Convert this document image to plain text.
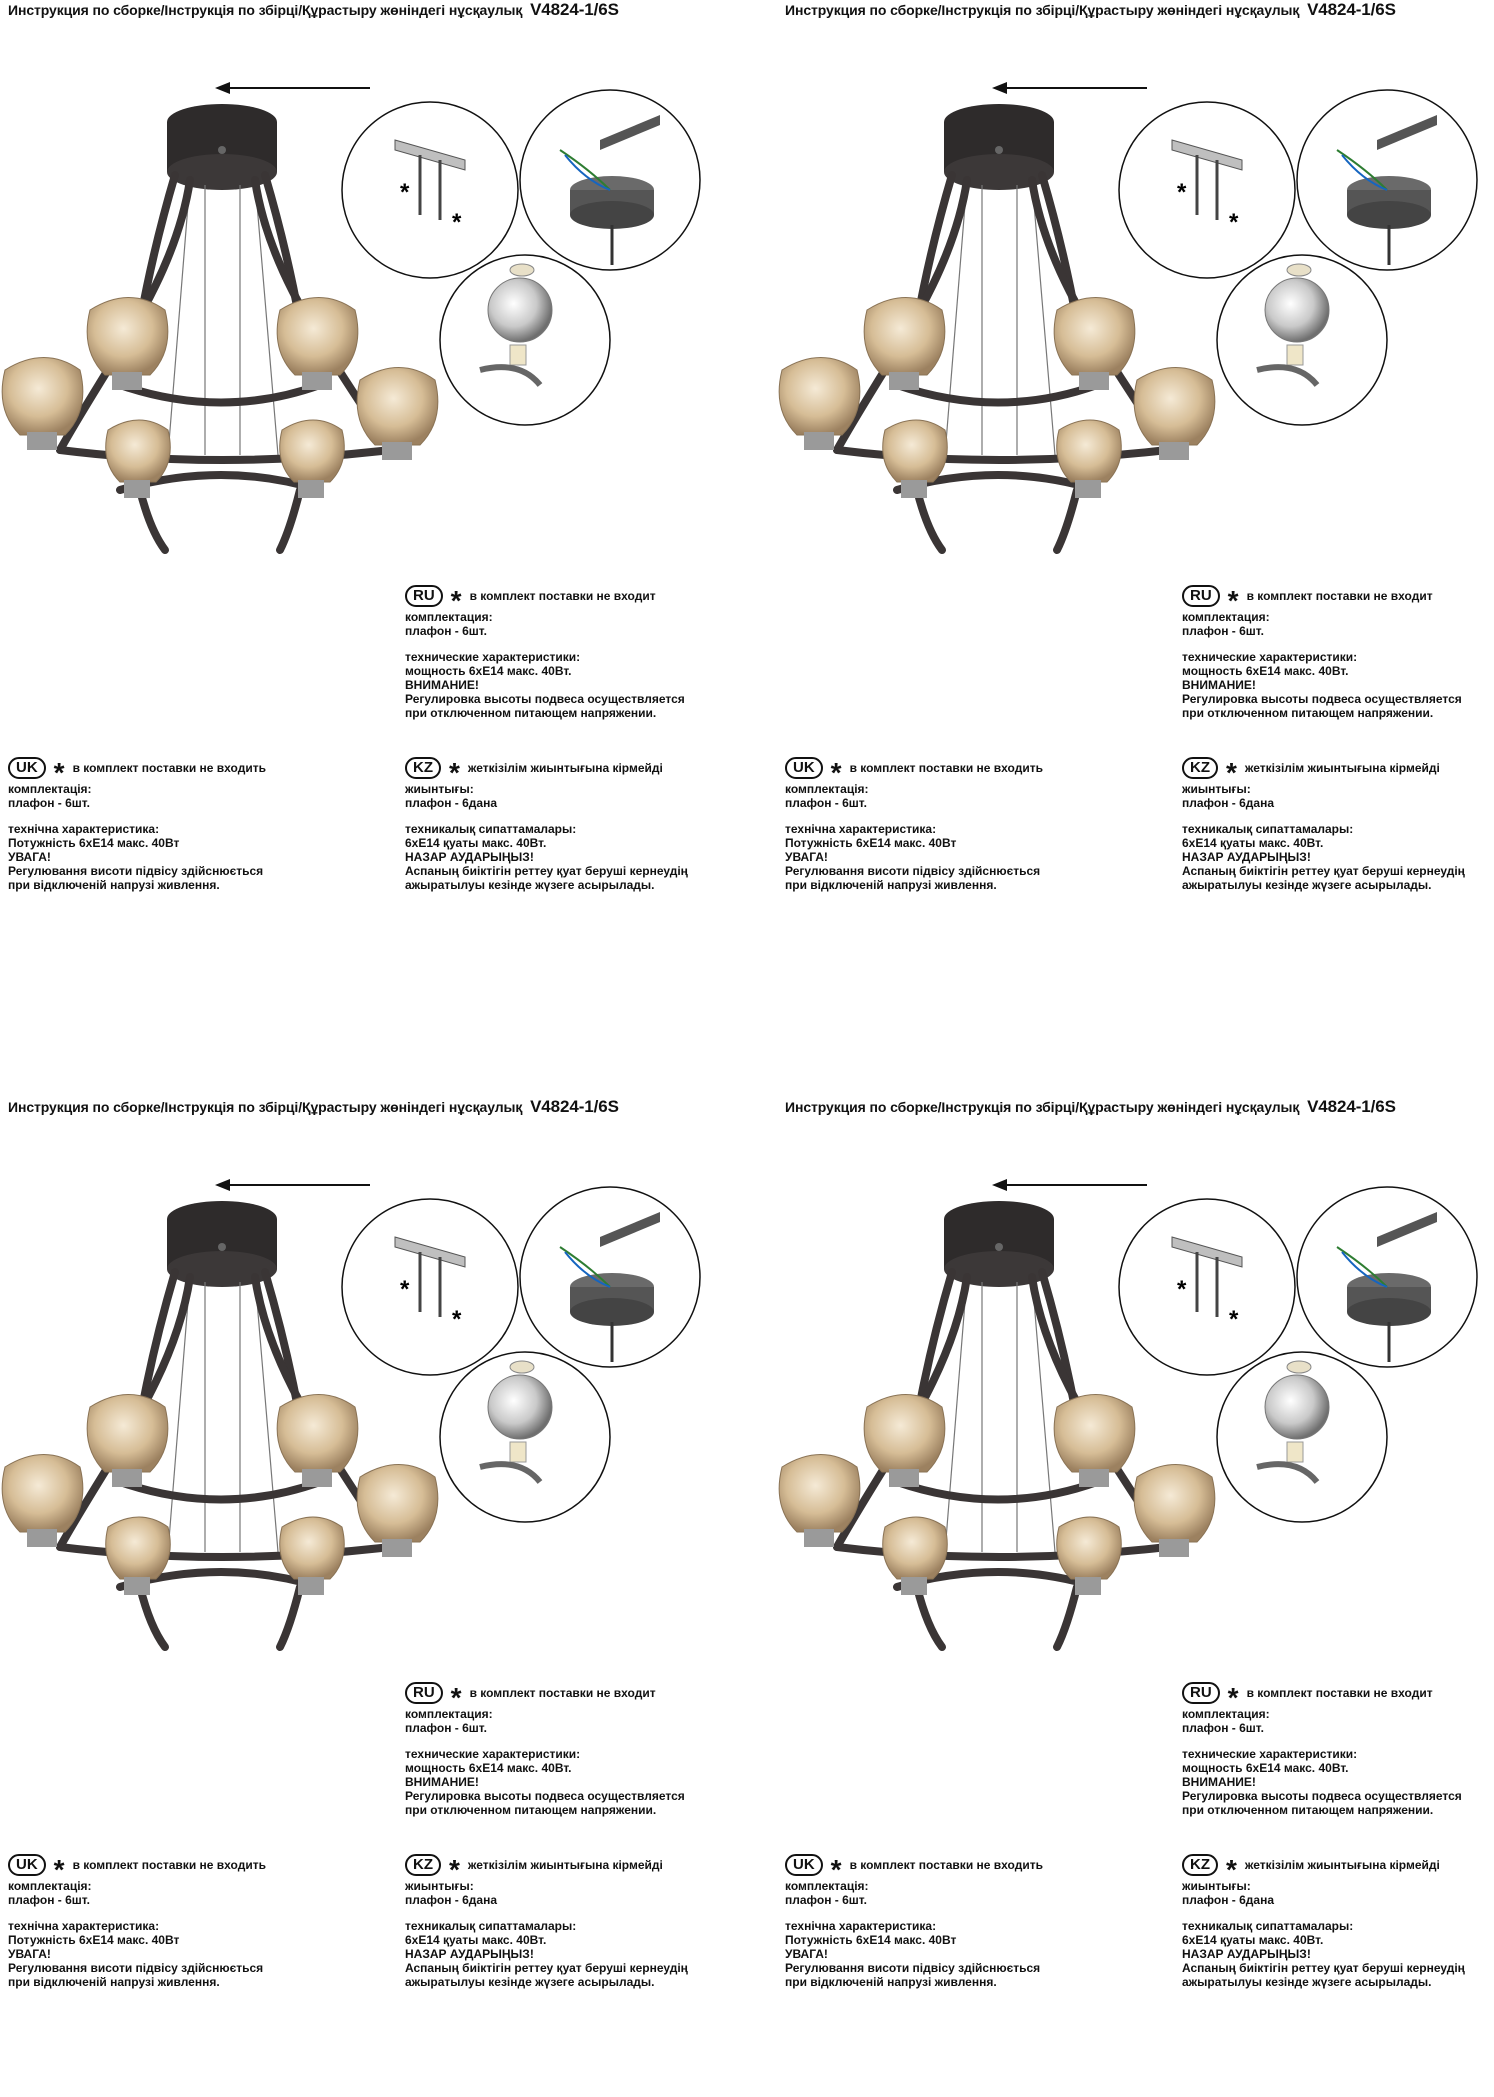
Инструкция по сборке/Інструкція по збірці/Құрастыру жөніндегі нұсқаулық V4824-1/6S
*
*
RU * в комплект поставки не входит
комплектация:
плафон - 6шт.
технические характеристики:
мощность 6хЕ14 макс. 40Вт.
ВНИМАНИЕ!
Регулировка высоты подвеса осуществляется
при отключенном питающем напряжении.
UK * в комплект поставки не входить
комплектація:
плафон - 6шт.
технічна характеристика:
Потужність 6хЕ14 макс. 40Вт
УВАГА!
Регулювання висоти підвісу здійснюється
при відключеній напрузі живлення.
KZ * жеткізілім жиынтығына кірмейді
жиынтығы:
плафон - 6дана
техникалық сипаттамалары:
6хЕ14 қуаты макс. 40Вт.
НАЗАР АУДАРЫҢЫЗ!
Аспаның биіктігін реттеу қуат беруші кернеудің
ажыратылуы кезінде жүзеге асырылады.
Инструкция по сборке/Інструкція по збірці/Құрастыру жөніндегі нұсқаулық V4824-1/6S
*
*
RU * в комплект поставки не входит
комплектация:
плафон - 6шт.
технические характеристики:
мощность 6хЕ14 макс. 40Вт.
ВНИМАНИЕ!
Регулировка высоты подвеса осуществляется
при отключенном питающем напряжении.
UK * в комплект поставки не входить
комплектація:
плафон - 6шт.
технічна характеристика:
Потужність 6хЕ14 макс. 40Вт
УВАГА!
Регулювання висоти підвісу здійснюється
при відключеній напрузі живлення.
KZ * жеткізілім жиынтығына кірмейді
жиынтығы:
плафон - 6дана
техникалық сипаттамалары:
6хЕ14 қуаты макс. 40Вт.
НАЗАР АУДАРЫҢЫЗ!
Аспаның биіктігін реттеу қуат беруші кернеудің
ажыратылуы кезінде жүзеге асырылады.
Инструкция по сборке/Інструкція по збірці/Құрастыру жөніндегі нұсқаулық V4824-1/6S
*
*
RU * в комплект поставки не входит
комплектация:
плафон - 6шт.
технические характеристики:
мощность 6хЕ14 макс. 40Вт.
ВНИМАНИЕ!
Регулировка высоты подвеса осуществляется
при отключенном питающем напряжении.
UK * в комплект поставки не входить
комплектація:
плафон - 6шт.
технічна характеристика:
Потужність 6хЕ14 макс. 40Вт
УВАГА!
Регулювання висоти підвісу здійснюється
при відключеній напрузі живлення.
KZ * жеткізілім жиынтығына кірмейді
жиынтығы:
плафон - 6дана
техникалық сипаттамалары:
6хЕ14 қуаты макс. 40Вт.
НАЗАР АУДАРЫҢЫЗ!
Аспаның биіктігін реттеу қуат беруші кернеудің
ажыратылуы кезінде жүзеге асырылады.
Инструкция по сборке/Інструкція по збірці/Құрастыру жөніндегі нұсқаулық V4824-1/6S
*
*
RU * в комплект поставки не входит
комплектация:
плафон - 6шт.
технические характеристики:
мощность 6хЕ14 макс. 40Вт.
ВНИМАНИЕ!
Регулировка высоты подвеса осуществляется
при отключенном питающем напряжении.
UK * в комплект поставки не входить
комплектація:
плафон - 6шт.
технічна характеристика:
Потужність 6хЕ14 макс. 40Вт
УВАГА!
Регулювання висоти підвісу здійснюється
при відключеній напрузі живлення.
KZ * жеткізілім жиынтығына кірмейді
жиынтығы:
плафон - 6дана
техникалық сипаттамалары:
6хЕ14 қуаты макс. 40Вт.
НАЗАР АУДАРЫҢЫЗ!
Аспаның биіктігін реттеу қуат беруші кернеудің
ажыратылуы кезінде жүзеге асырылады.
